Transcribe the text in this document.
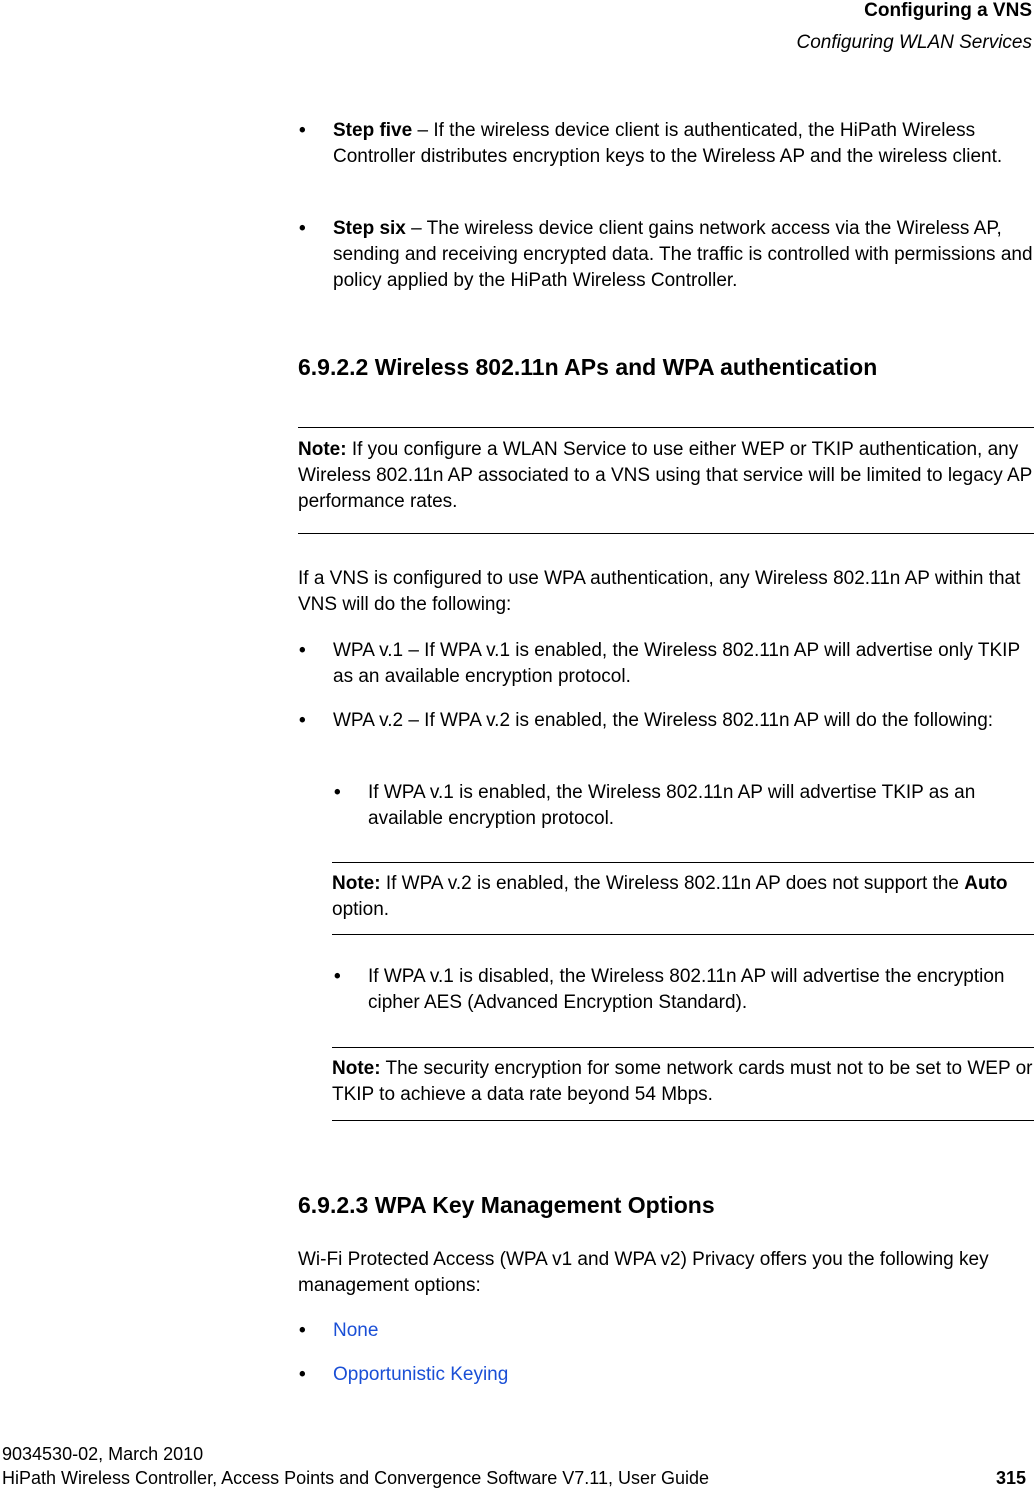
Configuring a VNS
Configuring WLAN Services
• Step five – If the wireless device client is authenticated, the HiPath Wireless Controller distributes encryption keys to the Wireless AP and the wireless client.
• Step six – The wireless device client gains network access via the Wireless AP, sending and receiving encrypted data. The traffic is controlled with permissions and policy applied by the HiPath Wireless Controller.
6.9.2.2 Wireless 802.11n APs and WPA authentication
Note: If you configure a WLAN Service to use either WEP or TKIP authentication, any Wireless 802.11n AP associated to a VNS using that service will be limited to legacy AP performance rates.
If a VNS is configured to use WPA authentication, any Wireless 802.11n AP within that VNS will do the following:
• WPA v.1 – If WPA v.1 is enabled, the Wireless 802.11n AP will advertise only TKIP as an available encryption protocol.
• WPA v.2 – If WPA v.2 is enabled, the Wireless 802.11n AP will do the following:
• If WPA v.1 is enabled, the Wireless 802.11n AP will advertise TKIP as an available encryption protocol.
Note: If WPA v.2 is enabled, the Wireless 802.11n AP does not support the Auto option.
• If WPA v.1 is disabled, the Wireless 802.11n AP will advertise the encryption cipher AES (Advanced Encryption Standard).
Note: The security encryption for some network cards must not to be set to WEP or TKIP to achieve a data rate beyond 54 Mbps.
6.9.2.3 WPA Key Management Options
Wi-Fi Protected Access (WPA v1 and WPA v2) Privacy offers you the following key management options:
• None
• Opportunistic Keying
9034530-02, March 2010
HiPath Wireless Controller, Access Points and Convergence Software V7.11, User Guide	315
